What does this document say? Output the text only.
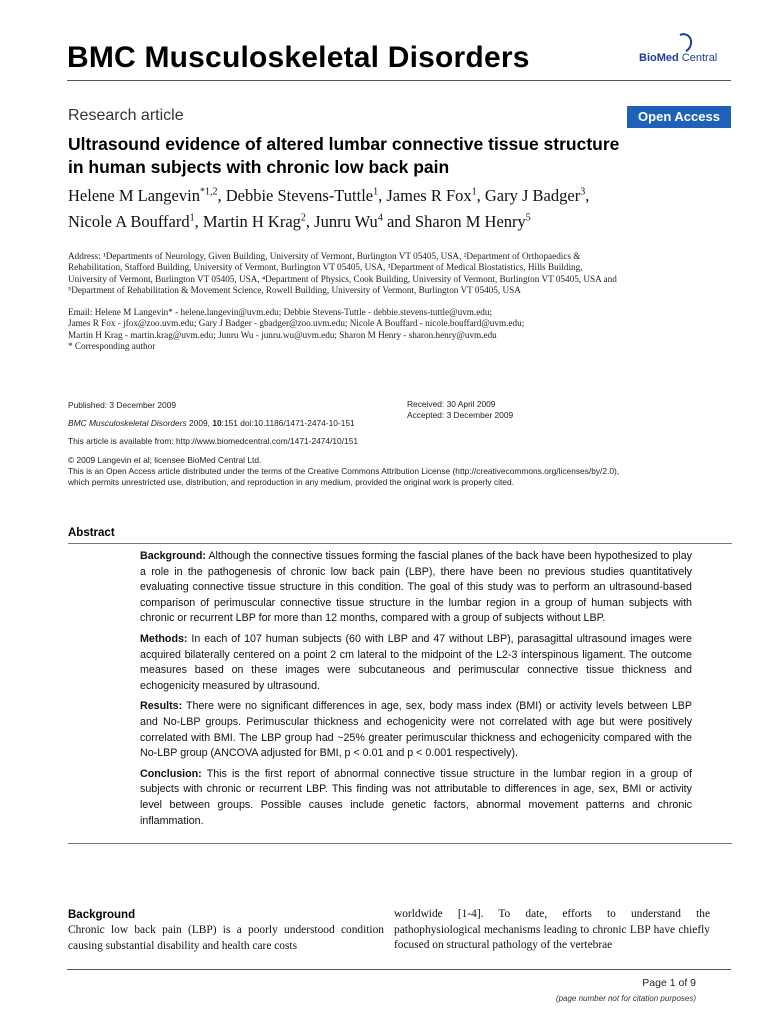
BMC Musculoskeletal Disorders	BioMed Central
Research article	Open Access
Ultrasound evidence of altered lumbar connective tissue structure
in human subjects with chronic low back pain
Helene M Langevin$^{*1,2}$, Debbie Stevens-Tuttle$^1$, James R Fox$^1$, Gary J Badger$^3$,
Nicole A Bouffard$^1$, Martin H Krag$^2$, Junru Wu$^4$ and Sharon M Henry$^5$
Address: ¹Departments of Neurology, Given Building, University of Vermont, Burlington VT 05405, USA, ²Department of Orthopaedics &
Rehabilitation, Stafford Building, University of Vermont, Burlington VT 05405, USA, ³Department of Medical Biostatistics, Hills Building,
University of Vermont, Burlington VT 05405, USA, ⁴Department of Physics, Cook Building, University of Vermont, Burlington VT 05405, USA and
⁵Department of Rehabilitation & Movement Science, Rowell Building, University of Vermont, Burlington VT 05405, USA
Email: Helene M Langevin* - helene.langevin@uvm.edu; Debbie Stevens-Tuttle - debbie.stevens-tuttle@uvm.edu;
James R Fox - jfox@zoo.uvm.edu; Gary J Badger - gbadger@zoo.uvm.edu; Nicole A Bouffard - nicole.bouffard@uvm.edu;
Martin H Krag - martin.krag@uvm.edu; Junru Wu - junru.wu@uvm.edu; Sharon M Henry - sharon.henry@uvm.edu
* Corresponding author
Published: 3 December 2009
BMC Musculoskeletal Disorders 2009, 10:151 doi:10.1186/1471-2474-10-151
Received: 30 April 2009
Accepted: 3 December 2009
This article is available from: http://www.biomedcentral.com/1471-2474/10/151
© 2009 Langevin et al; licensee BioMed Central Ltd.
This is an Open Access article distributed under the terms of the Creative Commons Attribution License (http://creativecommons.org/licenses/by/2.0),
which permits unrestricted use, distribution, and reproduction in any medium, provided the original work is properly cited.
Abstract
Background: Although the connective tissues forming the fascial planes of the back have been hypothesized to play a role in the pathogenesis of chronic low back pain (LBP), there have been no previous studies quantitatively evaluating connective tissue structure in this condition. The goal of this study was to perform an ultrasound-based comparison of perimuscular connective tissue structure in the lumbar region in a group of human subjects with chronic or recurrent LBP for more than 12 months, compared with a group of subjects without LBP.
Methods: In each of 107 human subjects (60 with LBP and 47 without LBP), parasagittal ultrasound images were acquired bilaterally centered on a point 2 cm lateral to the midpoint of the L2-3 interspinous ligament. The outcome measures based on these images were subcutaneous and perimuscular connective tissue thickness and echogenicity measured by ultrasound.
Results: There were no significant differences in age, sex, body mass index (BMI) or activity levels between LBP and No-LBP groups. Perimuscular thickness and echogenicity were not correlated with age but were positively correlated with BMI. The LBP group had ~25% greater perimuscular thickness and echogenicity compared with the No-LBP group (ANCOVA adjusted for BMI, p < 0.01 and p < 0.001 respectively).
Conclusion: This is the first report of abnormal connective tissue structure in the lumbar region in a group of subjects with chronic or recurrent LBP. This finding was not attributable to differences in age, sex, BMI or activity level between groups. Possible causes include genetic factors, abnormal movement patterns and chronic inflammation.
Background
Chronic low back pain (LBP) is a poorly understood condition causing substantial disability and health care costs
worldwide [1-4]. To date, efforts to understand the pathophysiological mechanisms leading to chronic LBP have chiefly focused on structural pathology of the vertebrae
Page 1 of 9
(page number not for citation purposes)
